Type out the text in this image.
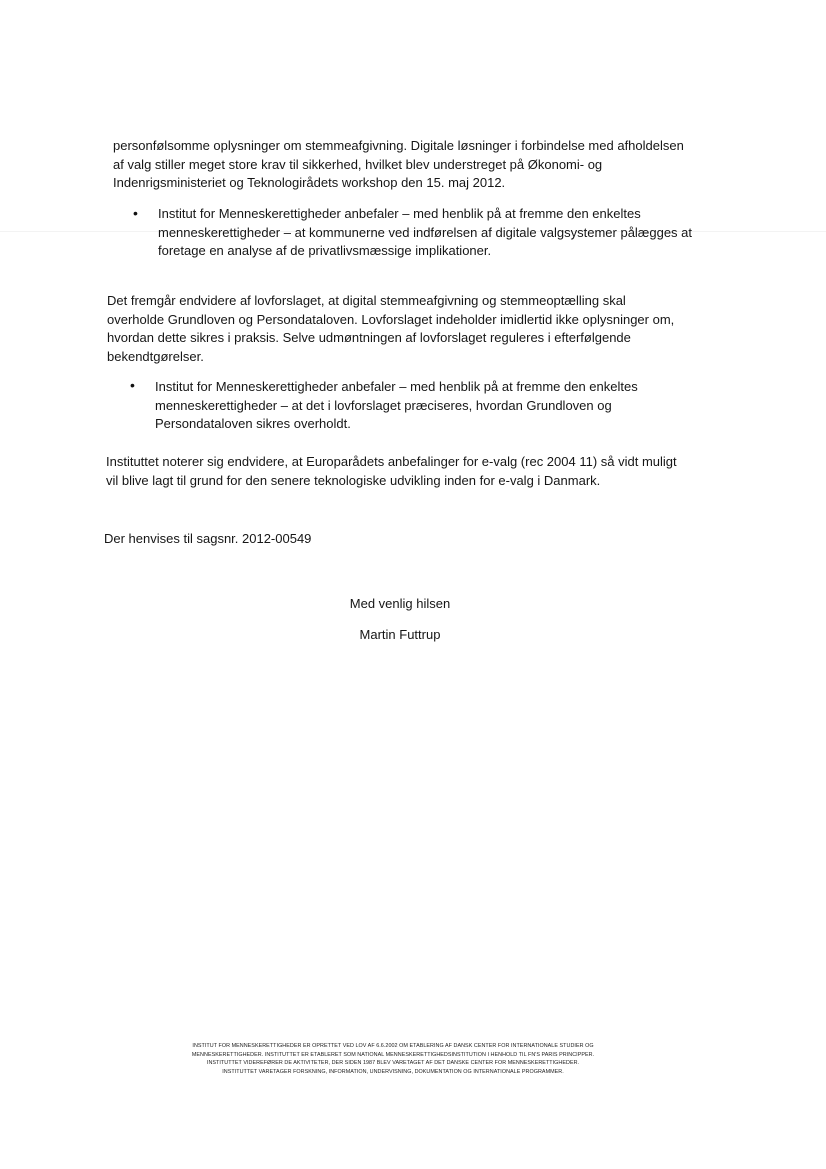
personfølsomme oplysninger om stemmeafgivning. Digitale løsninger i forbindelse med afholdelsen
af valg stiller meget store krav til sikkerhed, hvilket blev understreget på Økonomi- og
Indenrigsministeriet og Teknologirådets workshop den 15. maj 2012.
• Institut for Menneskerettigheder anbefaler – med henblik på at fremme den enkeltes
menneskerettigheder – at kommunerne ved indførelsen af digitale valgsystemer pålægges at
foretage en analyse af de privatlivsmæssige implikationer.
Det fremgår endvidere af lovforslaget, at digital stemmeafgivning og stemmeoptælling skal
overholde Grundloven og Persondataloven. Lovforslaget indeholder imidlertid ikke oplysninger om,
hvordan dette sikres i praksis. Selve udmøntningen af lovforslaget reguleres i efterfølgende
bekendtgørelser.
• Institut for Menneskerettigheder anbefaler – med henblik på at fremme den enkeltes
menneskerettigheder – at det i lovforslaget præciseres, hvordan Grundloven og
Persondataloven sikres overholdt.
Instituttet noterer sig endvidere, at Europarådets anbefalinger for e-valg (rec 2004 11) så vidt muligt
vil blive lagt til grund for den senere teknologiske udvikling inden for e-valg i Danmark.
Der henvises til sagsnr. 2012-00549
Med venlig hilsen
Martin Futtrup
INSTITUT FOR MENNESKERETTIGHEDER ER OPRETTET VED LOV AF 6.6.2002 OM ETABLERING AF DANSK CENTER FOR INTERNATIONALE STUDIER OG
MENNESKERETTIGHEDER. INSTITUTTET ER ETABLERET SOM NATIONAL MENNESKERETTIGHEDSINSTITUTION I HENHOLD TIL FN'S PARIS PRINCIPPER.
INSTITUTTET VIDEREFØRER DE AKTIVITETER, DER SIDEN 1987 BLEV VARETAGET AF DET DANSKE CENTER FOR MENNESKERETTIGHEDER.
INSTITUTTET VARETAGER FORSKNING, INFORMATION, UNDERVISNING, DOKUMENTATION OG INTERNATIONALE PROGRAMMER.
